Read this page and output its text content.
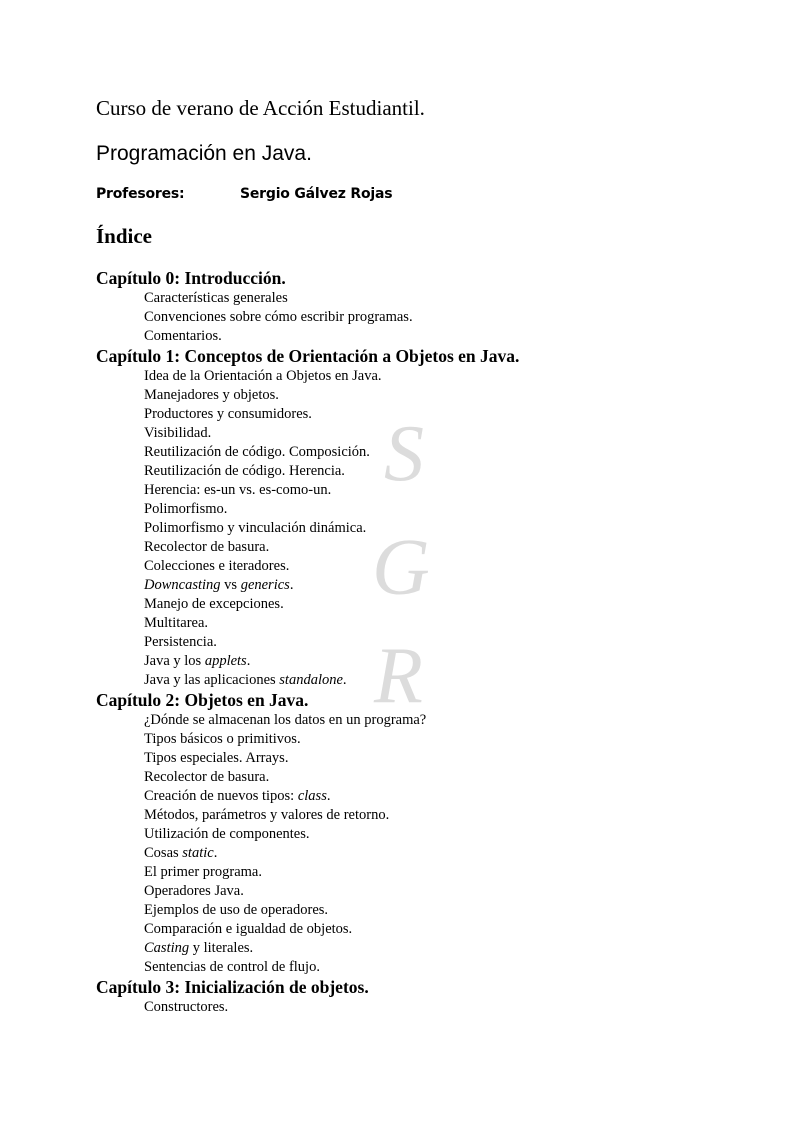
Curso de verano de Acción Estudiantil.
Programación en Java.
Profesores:	Sergio Gálvez Rojas
Índice
S
G
R
Capítulo 0: Introducción.
Características generales
Convenciones sobre cómo escribir programas.
Comentarios.
Capítulo 1: Conceptos de Orientación a Objetos en Java.
Idea de la Orientación a Objetos en Java.
Manejadores y objetos.
Productores y consumidores.
Visibilidad.
Reutilización de código. Composición.
Reutilización de código. Herencia.
Herencia: es-un vs. es-como-un.
Polimorfismo.
Polimorfismo y vinculación dinámica.
Recolector de basura.
Colecciones e iteradores.
Downcasting vs generics.
Manejo de excepciones.
Multitarea.
Persistencia.
Java y los applets.
Java y las aplicaciones standalone.
Capítulo 2: Objetos en Java.
¿Dónde se almacenan los datos en un programa?
Tipos básicos o primitivos.
Tipos especiales. Arrays.
Recolector de basura.
Creación de nuevos tipos: class.
Métodos, parámetros y valores de retorno.
Utilización de componentes.
Cosas static.
El primer programa.
Operadores Java.
Ejemplos de uso de operadores.
Comparación e igualdad de objetos.
Casting y literales.
Sentencias de control de flujo.
Capítulo 3: Inicialización de objetos.
Constructores.
